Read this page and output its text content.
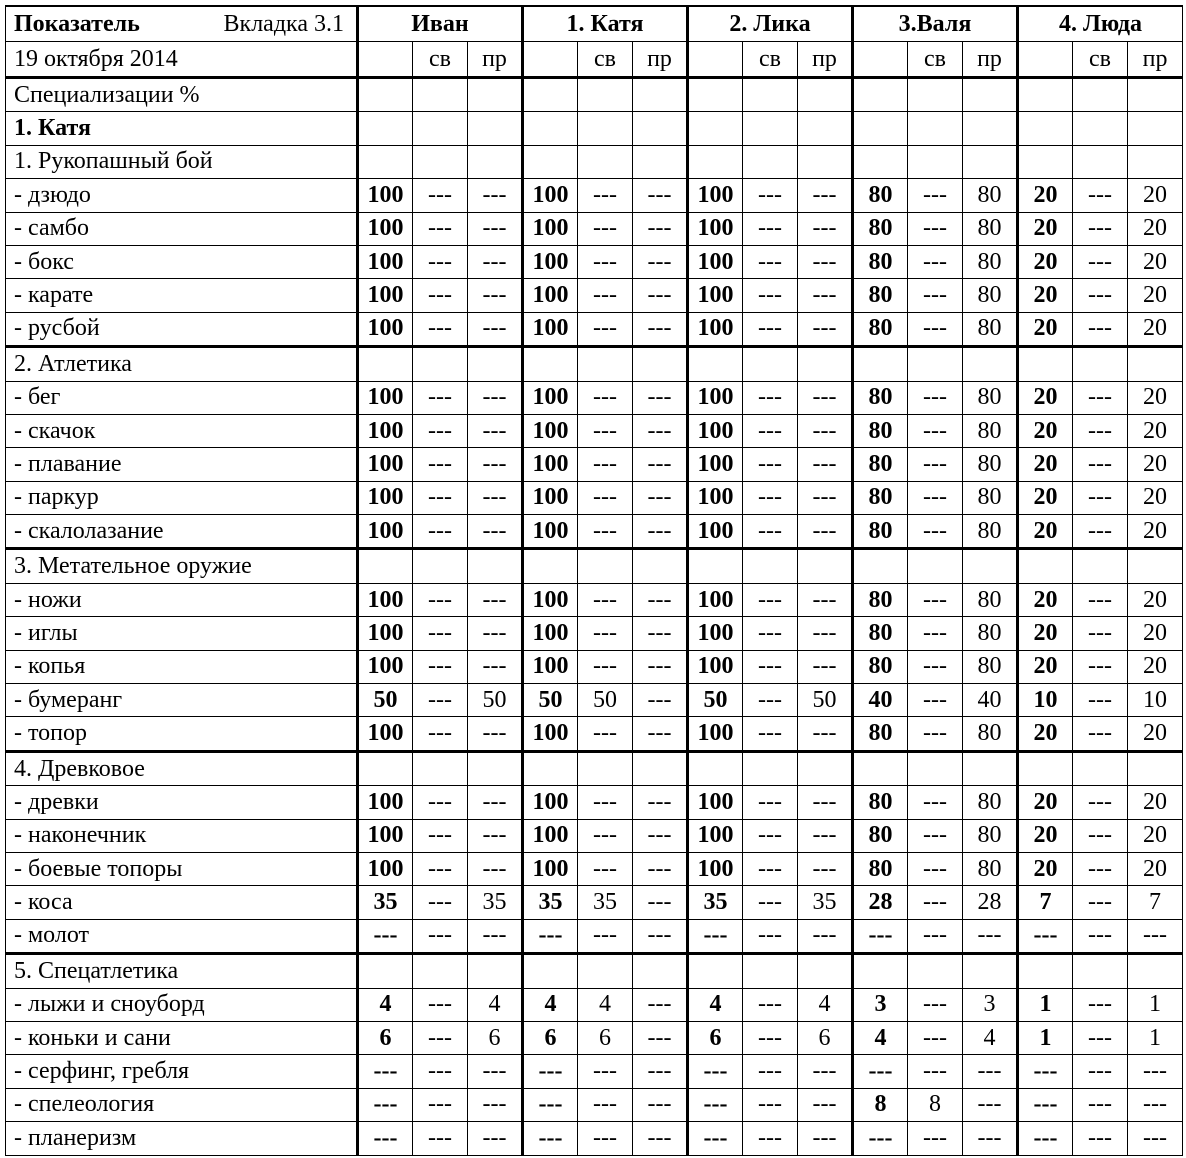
Показатель Вкладка 3.1	Иван			1. Катя			2. Лика			3.Валя			4. Люда		
19 октября 2014		св	пр		св	пр		св	пр		св	пр		св	пр
Специализации %															
1. Катя															
1. Рукопашный бой															
- дзюдо	100	---	---	100	---	---	100	---	---	80	---	80	20	---	20
- самбо	100	---	---	100	---	---	100	---	---	80	---	80	20	---	20
- бокс	100	---	---	100	---	---	100	---	---	80	---	80	20	---	20
- карате	100	---	---	100	---	---	100	---	---	80	---	80	20	---	20
- русбой	100	---	---	100	---	---	100	---	---	80	---	80	20	---	20
2. Атлетика															
- бег	100	---	---	100	---	---	100	---	---	80	---	80	20	---	20
- скачок	100	---	---	100	---	---	100	---	---	80	---	80	20	---	20
- плавание	100	---	---	100	---	---	100	---	---	80	---	80	20	---	20
- паркур	100	---	---	100	---	---	100	---	---	80	---	80	20	---	20
- скалолазание	100	---	---	100	---	---	100	---	---	80	---	80	20	---	20
3. Метательное оружие															
- ножи	100	---	---	100	---	---	100	---	---	80	---	80	20	---	20
- иглы	100	---	---	100	---	---	100	---	---	80	---	80	20	---	20
- копья	100	---	---	100	---	---	100	---	---	80	---	80	20	---	20
- бумеранг	50	---	50	50	50	---	50	---	50	40	---	40	10	---	10
- топор	100	---	---	100	---	---	100	---	---	80	---	80	20	---	20
4. Древковое															
- древки	100	---	---	100	---	---	100	---	---	80	---	80	20	---	20
- наконечник	100	---	---	100	---	---	100	---	---	80	---	80	20	---	20
- боевые топоры	100	---	---	100	---	---	100	---	---	80	---	80	20	---	20
- коса	35	---	35	35	35	---	35	---	35	28	---	28	7	---	7
- молот	---	---	---	---	---	---	---	---	---	---	---	---	---	---	---
5. Спецатлетика															
- лыжи и сноуборд	4	---	4	4	4	---	4	---	4	3	---	3	1	---	1
- коньки и сани	6	---	6	6	6	---	6	---	6	4	---	4	1	---	1
- серфинг, гребля	---	---	---	---	---	---	---	---	---	---	---	---	---	---	---
- спелеология	---	---	---	---	---	---	---	---	---	8	8	---	---	---	---
- планеризм	---	---	---	---	---	---	---	---	---	---	---	---	---	---	---
